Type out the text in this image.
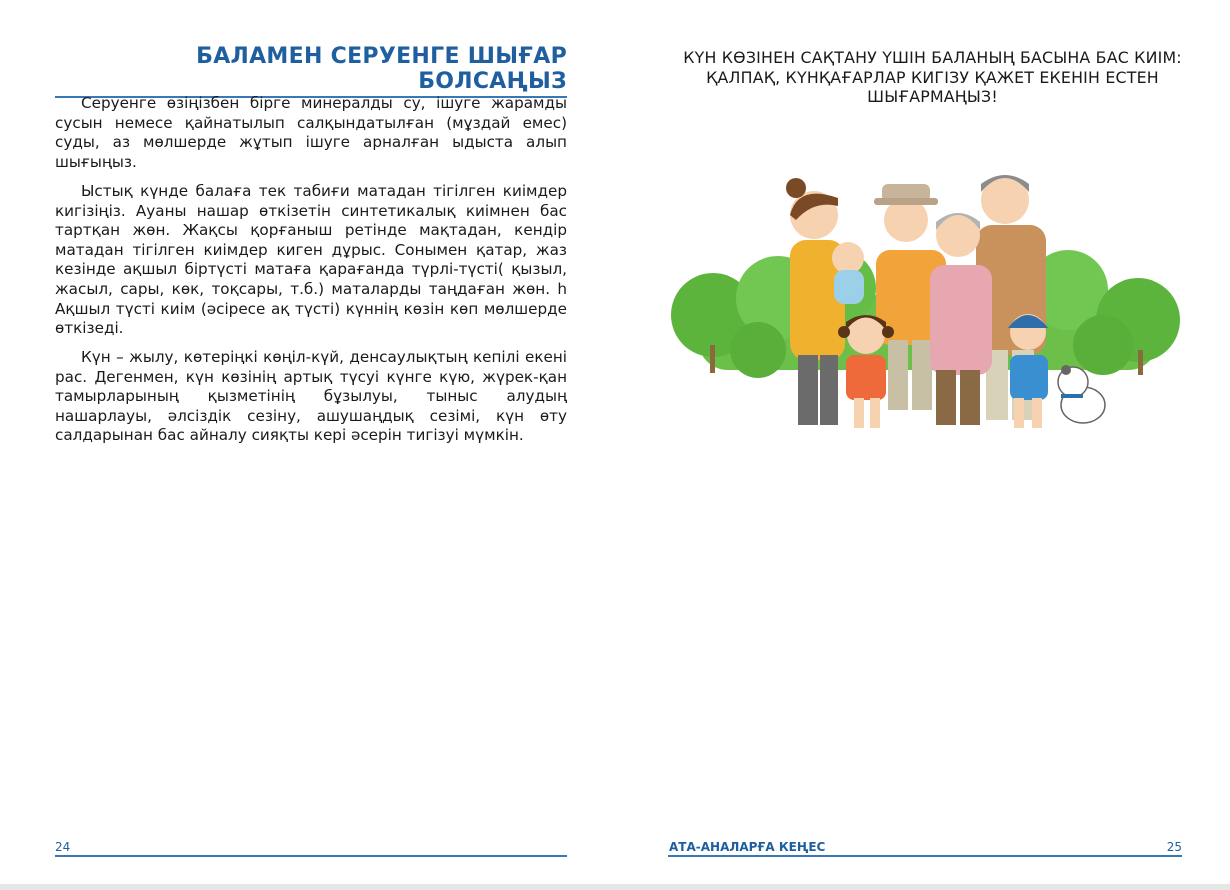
БАЛАМЕН СЕРУЕНГЕ ШЫҒАР БОЛСАҢЫЗ

Серуенге өзіңізбен бірге минералды су, ішуге жарамды сусын немесе қайнатылып салқындатылған (мұздай емес) суды, аз мөлшерде жұтып ішуге арналған ыдыста алып шығыңыз.

Ыстық күнде балаға тек табиғи матадан тігілген киімдер кигізіңіз. Ауаны нашар өткізетін синтетикалық киімнен бас тартқан жөн. Жақсы қорғаныш ретінде мақтадан, кендір матадан тігілген киімдер киген дұрыс. Сонымен қатар, жаз кезінде ақшыл біртүсті матаға қарағанда түрлі-түсті( қызыл, жасыл, сары, көк, тоқсары, т.б.) маталарды таңдаған жөн. һ Ақшыл түсті киім (әсіресе ақ түсті) күннің көзін көп мөлшерде өткізеді.

Күн – жылу, көтеріңкі көңіл-күй, денсаулықтың кепілі екені рас. Дегенмен, күн көзінің артық түсуі күнге күю, жүрек-қан тамырларының қызметінің бұзылуы, тыныс алудың нашарлауы, әлсіздік сезіну, ашушаңдық сезімі, күн өту салдарынан бас айналу сияқты кері әсерін тигізуі мүмкін.

КҮН КӨЗІНЕН САҚТАНУ ҮШІН БАЛАНЫҢ БАСЫНА БАС КИІМ: ҚАЛПАҚ, КҮНҚАҒАРЛАР КИГІЗУ ҚАЖЕТ ЕКЕНІН ЕСТЕН ШЫҒАРМАҢЫЗ!

24	АТА-АНАЛАРҒА КЕҢЕС	25
